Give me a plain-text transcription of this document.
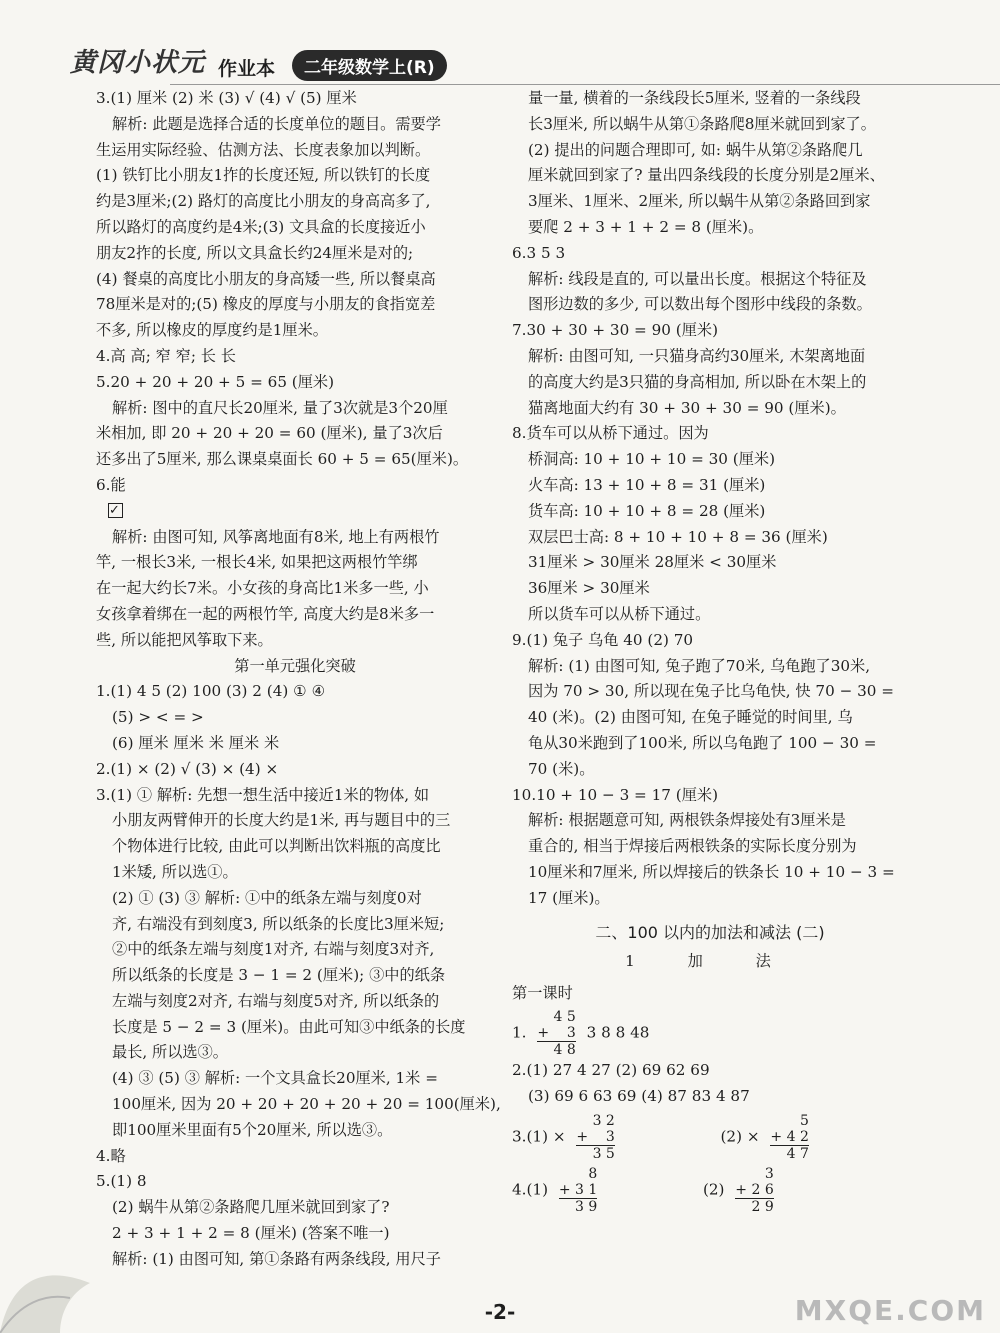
黄冈小状元 作业本	二年级数学上(R)

3.(1) 厘米 (2) 米 (3) √ (4) √ (5) 厘米

解析: 此题是选择合适的长度单位的题目。需要学

生运用实际经验、估测方法、长度表象加以判断。

(1) 铁钉比小朋友1拃的长度还短, 所以铁钉的长度

约是3厘米;(2) 路灯的高度比小朋友的身高高多了,

所以路灯的高度约是4米;(3) 文具盒的长度接近小

朋友2拃的长度, 所以文具盒长约24厘米是对的;

(4) 餐桌的高度比小朋友的身高矮一些, 所以餐桌高

78厘米是对的;(5) 橡皮的厚度与小朋友的食指宽差

不多, 所以橡皮的厚度约是1厘米。

4.高 高; 窄 窄; 长 长

5.20 + 20 + 20 + 5 = 65 (厘米)

解析: 图中的直尺长20厘米, 量了3次就是3个20厘

米相加, 即 20 + 20 + 20 = 60 (厘米), 量了3次后

还多出了5厘米, 那么课桌桌面长 60 + 5 = 65(厘米)。

6.能

✓

解析: 由图可知, 风筝离地面有8米, 地上有两根竹

竿, 一根长3米, 一根长4米, 如果把这两根竹竿绑

在一起大约长7米。小女孩的身高比1米多一些, 小

女孩拿着绑在一起的两根竹竿, 高度大约是8米多一

些, 所以能把风筝取下来。

第一单元强化突破

1.(1) 4 5 (2) 100 (3) 2 (4) ① ④

(5) > < = >

(6) 厘米 厘米 米 厘米 米

2.(1) × (2) √ (3) × (4) ×

3.(1) ① 解析: 先想一想生活中接近1米的物体, 如

小朋友两臂伸开的长度大约是1米, 再与题目中的三

个物体进行比较, 由此可以判断出饮料瓶的高度比

1米矮, 所以选①。

(2) ① (3) ③ 解析: ①中的纸条左端与刻度0对

齐, 右端没有到刻度3, 所以纸条的长度比3厘米短;

②中的纸条左端与刻度1对齐, 右端与刻度3对齐,

所以纸条的长度是 3 − 1 = 2 (厘米); ③中的纸条

左端与刻度2对齐, 右端与刻度5对齐, 所以纸条的

长度是 5 − 2 = 3 (厘米)。由此可知③中纸条的长度

最长, 所以选③。

(4) ③ (5) ③ 解析: 一个文具盒长20厘米, 1米 =

100厘米, 因为 20 + 20 + 20 + 20 + 20 = 100(厘米),

即100厘米里面有5个20厘米, 所以选③。

4.略

5.(1) 8

(2) 蜗牛从第②条路爬几厘米就回到家了?

2 + 3 + 1 + 2 = 8 (厘米) (答案不唯一)

解析: (1) 由图可知, 第①条路有两条线段, 用尺子

量一量, 横着的一条线段长5厘米, 竖着的一条线段

长3厘米, 所以蜗牛从第①条路爬8厘米就回到家了。

(2) 提出的问题合理即可, 如: 蜗牛从第②条路爬几

厘米就回到家了? 量出四条线段的长度分别是2厘米、

3厘米、1厘米、2厘米, 所以蜗牛从第②条路回到家

要爬 2 + 3 + 1 + 2 = 8 (厘米)。

6.3 5 3

解析: 线段是直的, 可以量出长度。根据这个特征及

图形边数的多少, 可以数出每个图形中线段的条数。

7.30 + 30 + 30 = 90 (厘米)

解析: 由图可知, 一只猫身高约30厘米, 木架离地面

的高度大约是3只猫的身高相加, 所以卧在木架上的

猫离地面大约有 30 + 30 + 30 = 90 (厘米)。

8.货车可以从桥下通过。因为

桥洞高: 10 + 10 + 10 = 30 (厘米)

火车高: 13 + 10 + 8 = 31 (厘米)

货车高: 10 + 10 + 8 = 28 (厘米)

双层巴士高: 8 + 10 + 10 + 8 = 36 (厘米)

31厘米 > 30厘米 28厘米 < 30厘米

36厘米 > 30厘米

所以货车可以从桥下通过。

9.(1) 兔子 乌龟 40 (2) 70

解析: (1) 由图可知, 兔子跑了70米, 乌龟跑了30米,

因为 70 > 30, 所以现在兔子比乌龟快, 快 70 − 30 =

40 (米)。(2) 由图可知, 在兔子睡觉的时间里, 乌

龟从30米跑到了100米, 所以乌龟跑了 100 − 30 =

70 (米)。

10.10 + 10 − 3 = 17 (厘米)

解析: 根据题意可知, 两根铁条焊接处有3厘米是

重合的, 相当于焊接后两根铁条的实际长度分别为

10厘米和7厘米, 所以焊接后的铁条长 10 + 10 − 3 =

17 (厘米)。

二、100 以内的加法和减法 (二)

1 加 法

第一课时

1.
4 5
+    3
4 8
3 8 8 48

2.(1) 27 4 27 (2) 69 62 69

(3) 69 6 63 69 (4) 87 83 4 87

3.(1) ×
3 2
+    3
3 5
(2) ×
5
+ 4 2
4 7
4.(1)
8
+ 3 1
3 9
(2)
3
+ 2 6
2 9
-2-	MXQE.COM
